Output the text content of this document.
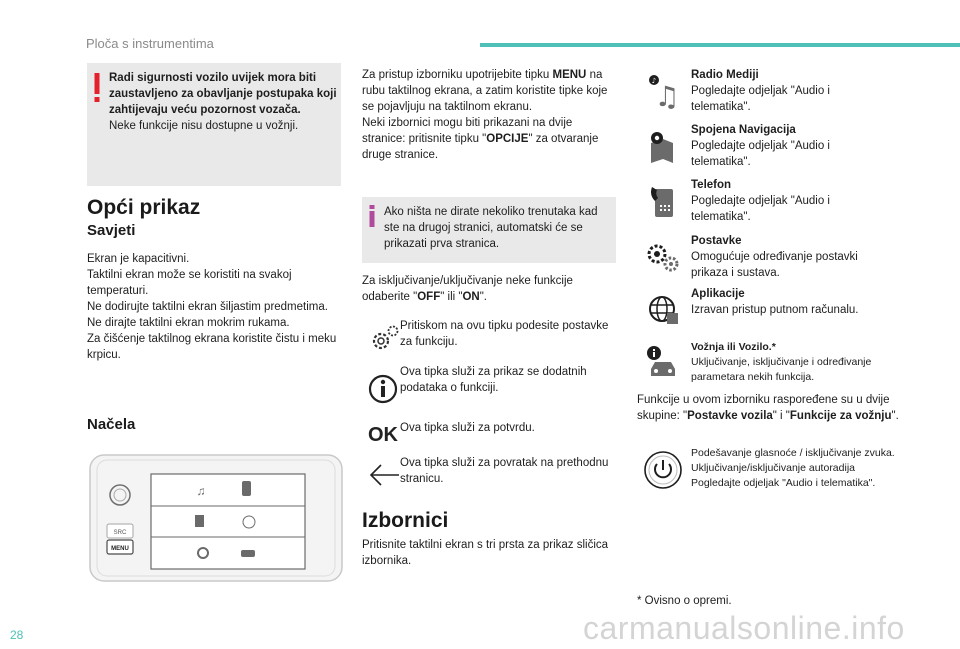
Ploča s instrumentima
28

Radi sigurnosti vozilo uvijek mora biti zaustavljeno za obavljanje postupaka koji zahtijevaju veću pozornost vozača.

Neke funkcije nisu dostupne u vožnji.

Opći prikaz
Savjeti

Ekran je kapacitivni.

Taktilni ekran može se koristiti na svakoj temperaturi.

Ne dodirujte taktilni ekran šiljastim predmetima.

Ne dirajte taktilni ekran mokrim rukama.

Za čišćenje taktilnog ekrana koristite čistu i meku krpicu.

Načela
SRC
MENU
♫
Za pristup izborniku upotrijebite tipku MENU na rubu taktilnog ekrana, a zatim koristite tipke koje se pojavljuju na taktilnom ekranu.
Neki izbornici mogu biti prikazani na dvije stranice: pritisnite tipku "OPCIJE" za otvaranje druge stranice.
Ako ništa ne dirate nekoliko trenutaka kad ste na drugoj stranici, automatski će se prikazati prva stranica.
Za isključivanje/uključivanje neke funkcije odaberite "OFF" ili "ON".
Pritiskom na ovu tipku podesite postavke za funkciju.
Ova tipka služi za prikaz se dodatnih podataka o funkciji.
OK Ova tipka služi za potvrdu.
Ova tipka služi za povratak na prethodnu stranicu.
Izbornici
Pritisnite taktilni ekran s tri prsta za prikaz sličica izbornika.
♪
♫
Radio Mediji
Pogledajte odjeljak "Audio i telematika".
Spojena Navigacija
Pogledajte odjeljak "Audio i telematika".
Telefon
Pogledajte odjeljak "Audio i telematika".
Postavke
Omogućuje određivanje postavki prikaza i sustava.
Aplikacije
Izravan pristup putnom računalu.
Vožnja ili Vozilo.*
Uključivanje, isključivanje i određivanje parametara nekih funkcija.
Funkcije u ovom izborniku raspoređene su u dvije skupine: "Postavke vozila" i "Funkcije za vožnju".
Podešavanje glasnoće / isključivanje zvuka.
Uključivanje/isključivanje autoradija
Pogledajte odjeljak "Audio i telematika".
* Ovisno o opremi.
carmanualsonline.info
